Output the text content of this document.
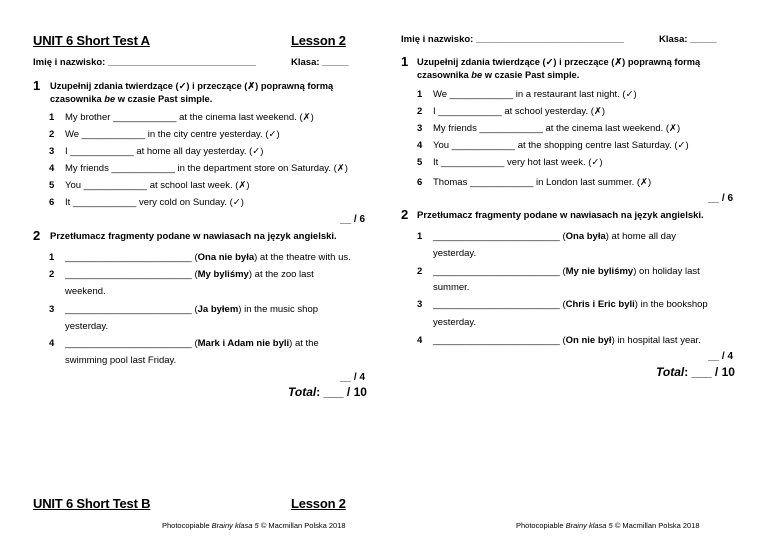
UNIT 6 Short Test A	Lesson 2
Imię i nazwisko: ____________________________	Klasa: _____
1 Uzupełnij zdania twierdzące (✓) i przeczące (✗) poprawną formą
czasownika be w czasie Past simple.
1 My brother ____________ at the cinema last weekend. (✗)
2 We ____________ in the city centre yesterday. (✓)
3 I ____________ at home all day yesterday. (✓)
4 My friends ____________ in the department store on Saturday. (✗)
5 You ____________ at school last week. (✗)
6 It ____________ very cold on Sunday. (✓)
__ / 6
2 Przetłumacz fragmenty podane w nawiasach na język angielski.
1 ________________________ (Ona nie była) at the theatre with us.
2 ________________________ (My byliśmy) at the zoo last
weekend.
3 ________________________ (Ja byłem) in the music shop
yesterday.
4 ________________________ (Mark i Adam nie byli) at the
swimming pool last Friday.
__ / 4
Total: ___ / 10
UNIT 6 Short Test B	Lesson 2
Photocopiable Brainy klasa 5 © Macmillan Polska 2018
Imię i nazwisko: ____________________________	Klasa: _____
1 Uzupełnij zdania twierdzące (✓) i przeczące (✗) poprawną formą
czasownika be w czasie Past simple.
1 We ____________ in a restaurant last night. (✓)
2 I ____________ at school yesterday. (✗)
3 My friends ____________ at the cinema last weekend. (✗)
4 You ____________ at the shopping centre last Saturday. (✓)
5 It ____________ very hot last week. (✓)
6 Thomas ____________ in London last summer. (✗)
__ / 6
2 Przetłumacz fragmenty podane w nawiasach na język angielski.
1 ________________________ (Ona była) at home all day
yesterday.
2 ________________________ (My nie byliśmy) on holiday last
summer.
3 ________________________ (Chris i Eric byli) in the bookshop
yesterday.
4 ________________________ (On nie był) in hospital last year.
__ / 4
Total: ___ / 10
Photocopiable Brainy klasa 5 © Macmillan Polska 2018
